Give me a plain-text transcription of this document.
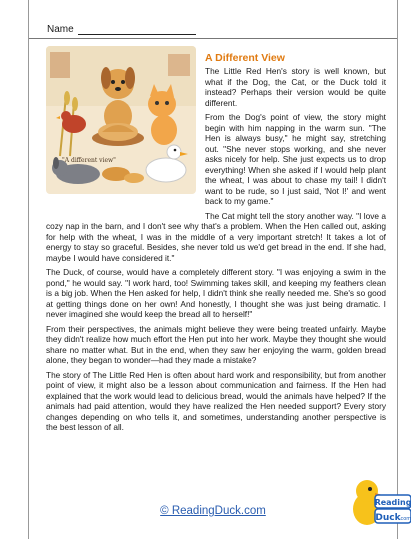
Name
"A different view"
A Different View

The Little Red Hen's story is well known, but what if the Dog, the Cat, or the Duck told it instead? Perhaps their version would be quite different.

From the Dog's point of view, the story might begin with him napping in the warm sun. "The Hen is always busy," he might say, stretching out. "She never stops working, and she never asks nicely for help. She just expects us to drop everything! When she asked if I would help plant the wheat, I was about to chase my tail! I didn't want to be rude, so I just said, 'Not I!' and went back to my game."

The Cat might tell the story another way. "I love a cozy nap in the barn, and I don't see why that's a problem. When the Hen called out, asking for help with the wheat, I was in the middle of a very important stretch! It takes a lot of energy to stay so graceful. Besides, she never told us we'd get bread in the end. If she had, maybe I would have considered it."

The Duck, of course, would have a completely different story. "I was enjoying a swim in the pond," he would say. "I work hard, too! Swimming takes skill, and keeping my feathers clean is a big job. When the Hen asked for help, I didn't think she really needed me. She's so good at getting things done on her own! And honestly, I thought she was just being dramatic. I never imagined she would keep the bread all to herself!"

From their perspectives, the animals might believe they were being treated unfairly. Maybe they didn't realize how much effort the Hen put into her work. Maybe they thought she would share no matter what. But in the end, when they saw her enjoying the warm, golden bread alone, they began to wonder—had they made a mistake?

The story of The Little Red Hen is often about hard work and responsibility, but from another point of view, it might also be a lesson about communication and fairness. If the Hen had explained that the work would lead to delicious bread, would the animals have helped? If the animals had paid attention, would they have realized the Hen needed support? Every story changes depending on who tells it, and sometimes, understanding another perspective is the best lesson of all.

© ReadingDuck.com
Reading
Duck
.com
